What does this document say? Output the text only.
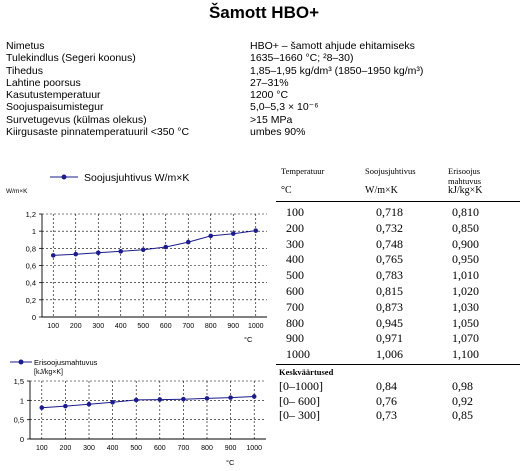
Šamott HBO+
Nimetus	HBO+ – šamott ahjude ehitamiseks
Tulekindlus (Segeri koonus)	1635–1660 °C; ²8–30)
Tihedus	1,85–1,95 kg/dm³ (1850–1950 kg/m³)
Lahtine poorsus	27–31%
Kasutustemperatuur	1200 °C
Soojuspaisumistegur	5,0–5,3 × 10⁻⁶
Survetugevus (külmas olekus)	>15 MPa
Kiirgusaste pinnatemperatuuril <350 °C	umbes 90%
W/m×K
Soojusjuhtivus W/m×K
°C
0
0,2
0,4
0,6
0,8
1
1,2
100 200 300 400 500 600 700 800 900 1000
Erisoojusmahtuvus
[kJ/kg×K]
°C
0
0,5
1
1,5
100 200 300 400 500 600 700 800 900 1000
Temperatuur
°C
Soojusjuhtivus
W/m×K
Erisoojus
mahtuvus
kJ/kg×K
100	0,718	0,810
200	0,732	0,850
300	0,748	0,900
400	0,765	0,950
500	0,783	1,010
600	0,815	1,020
700	0,873	1,030
800	0,945	1,050
900	0,971	1,070
1000	1,006	1,100
Keskväärtused
[0–1000]	0,84	0,98
[0– 600]	0,76	0,92
[0– 300]	0,73	0,85
